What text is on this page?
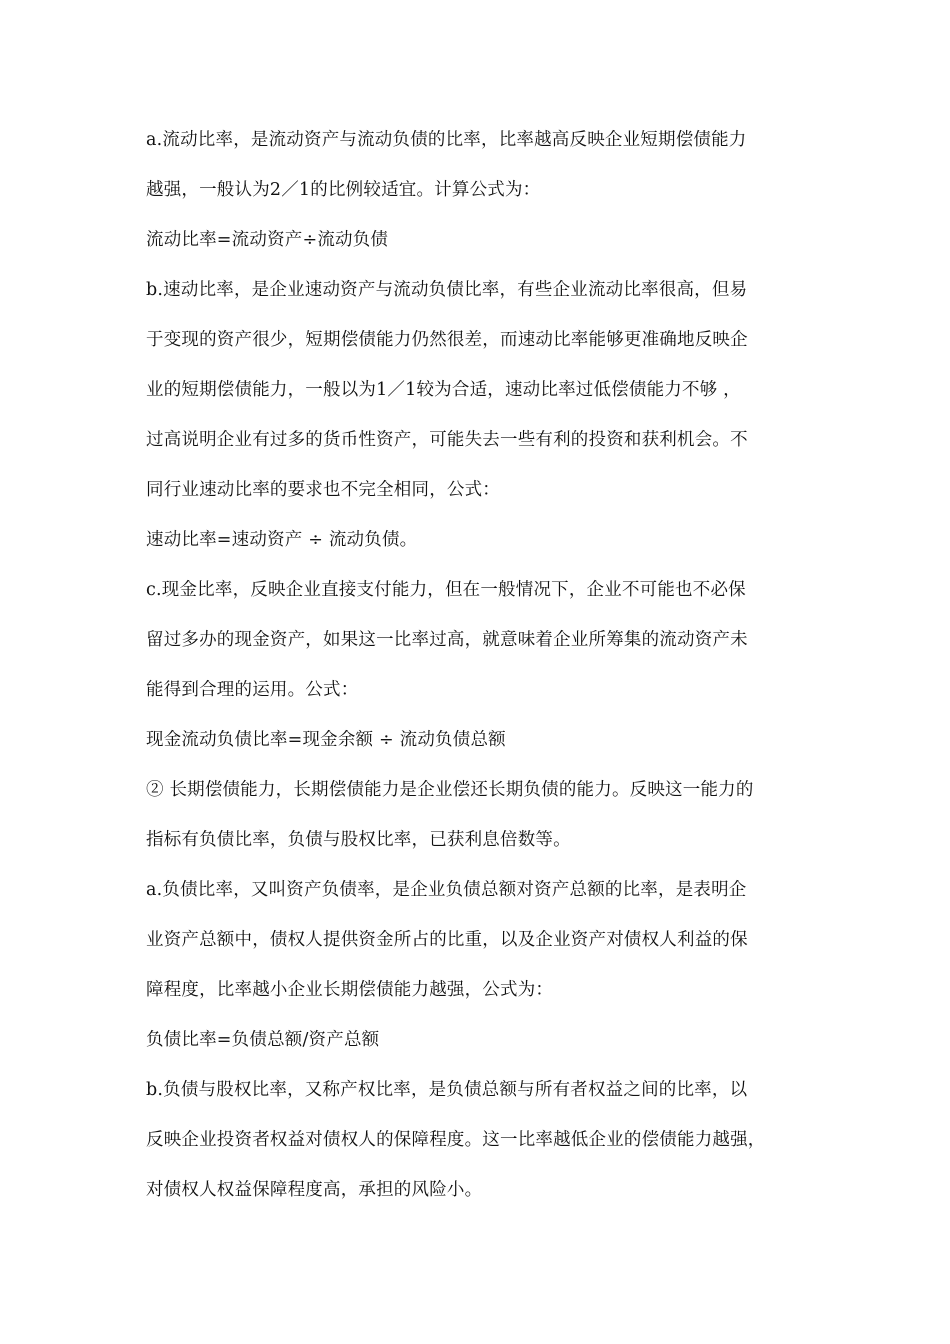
a.流动比率，是流动资产与流动负债的比率，比率越高反映企业短期偿债能力
越强，一般认为2／1的比例较适宜。计算公式为：
流动比率=流动资产÷流动负债
b.速动比率，是企业速动资产与流动负债比率，有些企业流动比率很高，但易
于变现的资产很少，短期偿债能力仍然很差，而速动比率能够更准确地反映企
业的短期偿债能力，一般以为1／1较为合适，速动比率过低偿债能力不够 ，
过高说明企业有过多的货币性资产，可能失去一些有利的投资和获利机会。不
同行业速动比率的要求也不完全相同，公式：
速动比率=速动资产 ÷ 流动负债。
c.现金比率，反映企业直接支付能力，但在一般情况下，企业不可能也不必保
留过多办的现金资产，如果这一比率过高，就意味着企业所筹集的流动资产未
能得到合理的运用。公式：
现金流动负债比率=现金余额 ÷ 流动负债总额
② 长期偿债能力，长期偿债能力是企业偿还长期负债的能力。反映这一能力的
指标有负债比率，负债与股权比率，已获利息倍数等。
a.负债比率，又叫资产负债率，是企业负债总额对资产总额的比率，是表明企
业资产总额中，债权人提供资金所占的比重，以及企业资产对债权人利益的保
障程度，比率越小企业长期偿债能力越强，公式为：
负债比率=负债总额/资产总额
b.负债与股权比率，又称产权比率，是负债总额与所有者权益之间的比率，以
反映企业投资者权益对债权人的保障程度。这一比率越低企业的偿债能力越强，
对债权人权益保障程度高，承担的风险小。
